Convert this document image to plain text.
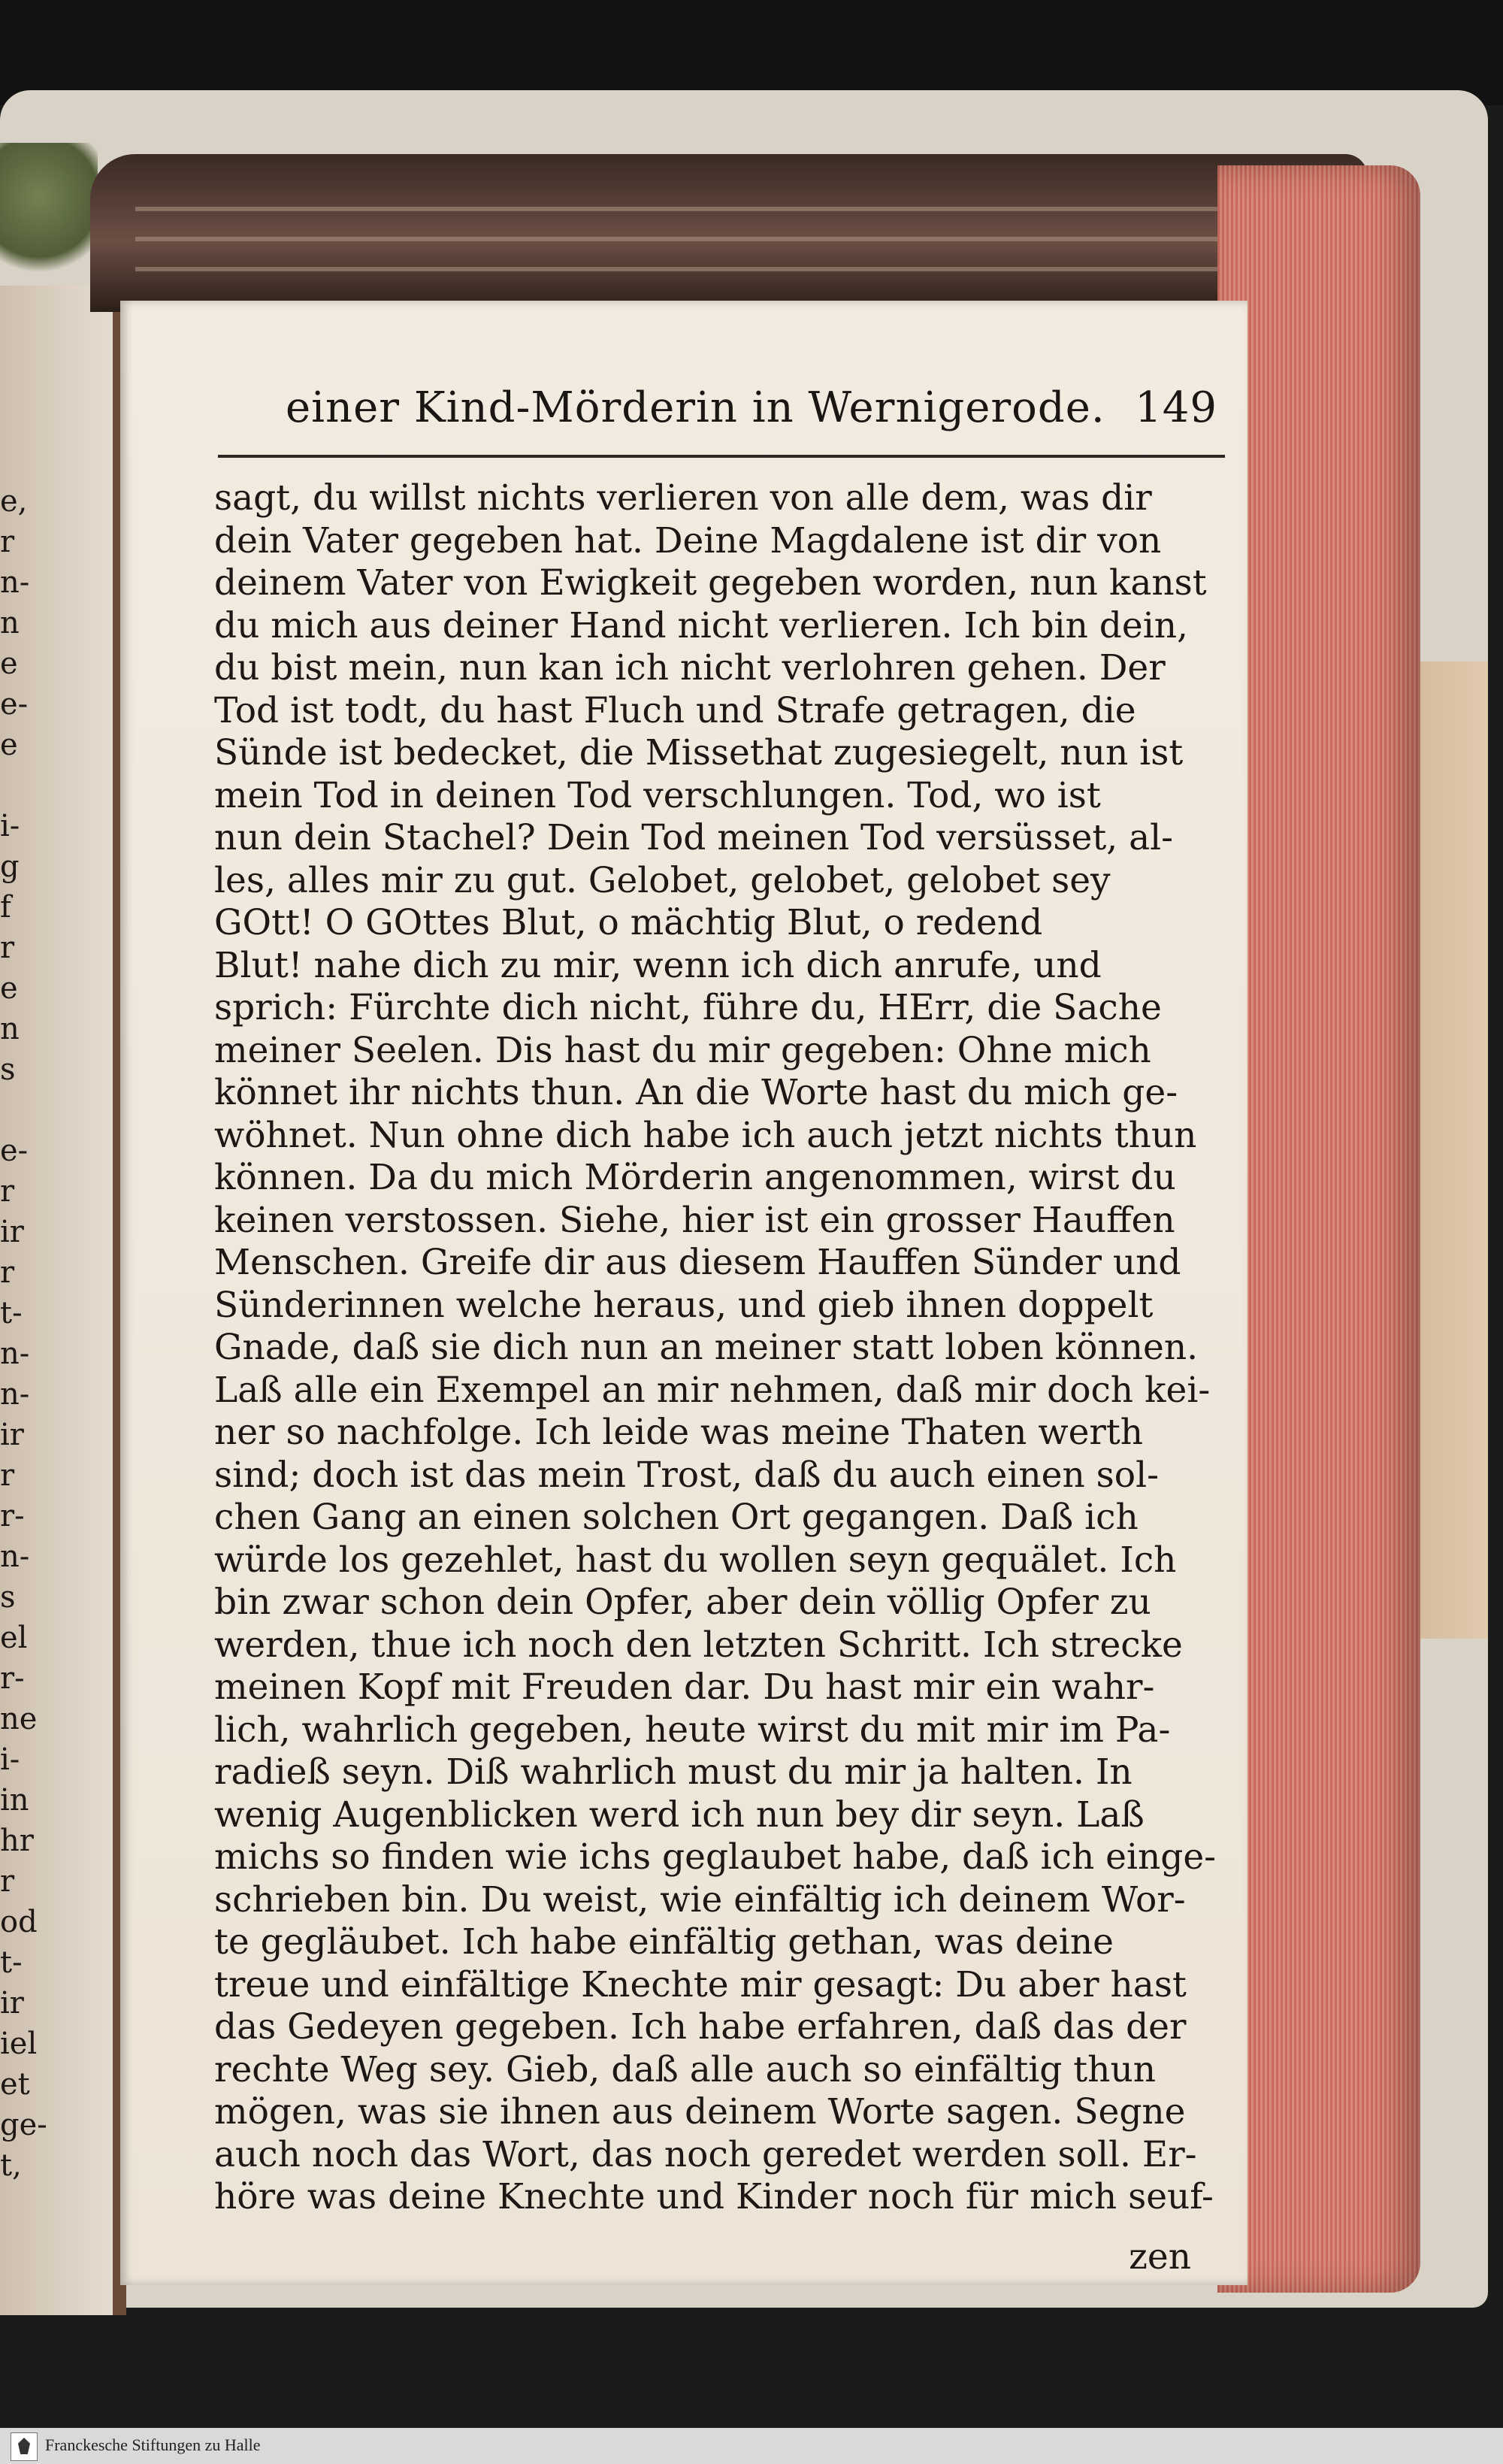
e,
r
n-
n
e
e-
e
i-
g
f
r
e
n
s
e-
r
ir
r
t-
n-
n-
ir
r
r-
n-
s
el
r-
ne
i-
in
hr
r
od
t-
ir
iel
et
ge-
t,
einer Kind-Mörderin in Wernigerode. 149
sagt, du willst nichts verlieren von alle dem, was dir
dein Vater gegeben hat. Deine Magdalene ist dir von
deinem Vater von Ewigkeit gegeben worden, nun kanst
du mich aus deiner Hand nicht verlieren. Ich bin dein,
du bist mein, nun kan ich nicht verlohren gehen. Der
Tod ist todt, du hast Fluch und Strafe getragen, die
Sünde ist bedecket, die Missethat zugesiegelt, nun ist
mein Tod in deinen Tod verschlungen. Tod, wo ist
nun dein Stachel? Dein Tod meinen Tod versüsset, al-
les, alles mir zu gut. Gelobet, gelobet, gelobet sey
GOtt! O GOttes Blut, o mächtig Blut, o redend
Blut! nahe dich zu mir, wenn ich dich anrufe, und
sprich: Fürchte dich nicht, führe du, HErr, die Sache
meiner Seelen. Dis hast du mir gegeben: Ohne mich
könnet ihr nichts thun. An die Worte hast du mich ge-
wöhnet. Nun ohne dich habe ich auch jetzt nichts thun
können. Da du mich Mörderin angenommen, wirst du
keinen verstossen. Siehe, hier ist ein grosser Hauffen
Menschen. Greife dir aus diesem Hauffen Sünder und
Sünderinnen welche heraus, und gieb ihnen doppelt
Gnade, daß sie dich nun an meiner statt loben können.
Laß alle ein Exempel an mir nehmen, daß mir doch kei-
ner so nachfolge. Ich leide was meine Thaten werth
sind; doch ist das mein Trost, daß du auch einen sol-
chen Gang an einen solchen Ort gegangen. Daß ich
würde los gezehlet, hast du wollen seyn gequälet. Ich
bin zwar schon dein Opfer, aber dein völlig Opfer zu
werden, thue ich noch den letzten Schritt. Ich strecke
meinen Kopf mit Freuden dar. Du hast mir ein wahr-
lich, wahrlich gegeben, heute wirst du mit mir im Pa-
radieß seyn. Diß wahrlich must du mir ja halten. In
wenig Augenblicken werd ich nun bey dir seyn. Laß
michs so finden wie ichs geglaubet habe, daß ich einge-
schrieben bin. Du weist, wie einfältig ich deinem Wor-
te gegläubet. Ich habe einfältig gethan, was deine
treue und einfältige Knechte mir gesagt: Du aber hast
das Gedeyen gegeben. Ich habe erfahren, daß das der
rechte Weg sey. Gieb, daß alle auch so einfältig thun
mögen, was sie ihnen aus deinem Worte sagen. Segne
auch noch das Wort, das noch geredet werden soll. Er-
höre was deine Knechte und Kinder noch für mich seuf-
zen
Franckesche Stiftungen zu Halle
